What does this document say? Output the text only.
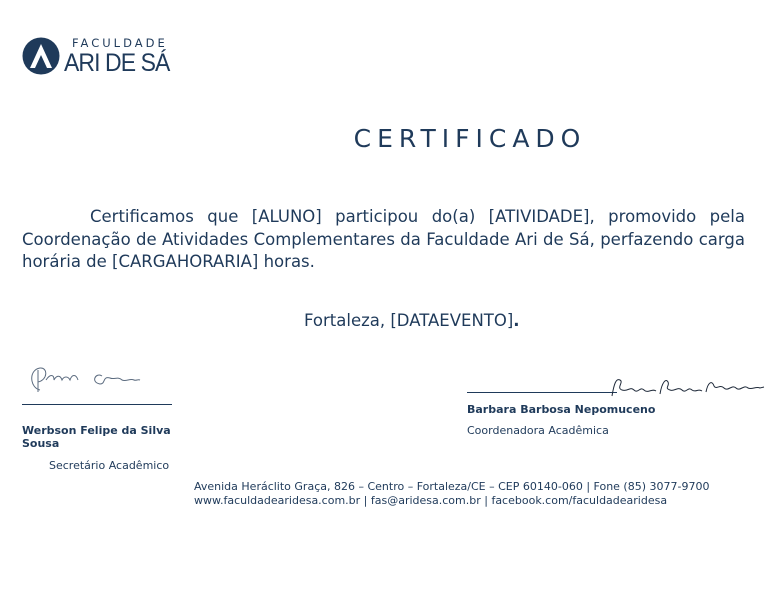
FACULDADE
ARI DE SÁ
CERTIFICADO

Certificamos que [ALUNO] participou do(a) [ATIVIDADE], promovido pela Coordenação de Atividades Complementares da Faculdade Ari de Sá, perfazendo carga horária de [CARGAHORARIA] horas.

Fortaleza, [DATAEVENTO].
Werbson Felipe da Silva Sousa
Secretário Acadêmico
Barbara Barbosa Nepomuceno
Coordenadora Acadêmica
Avenida Heráclito Graça, 826 – Centro – Fortaleza/CE – CEP 60140-060 | Fone (85) 3077-9700
www.faculdadearidesa.com.br | fas@aridesa.com.br | facebook.com/faculdadearidesa
